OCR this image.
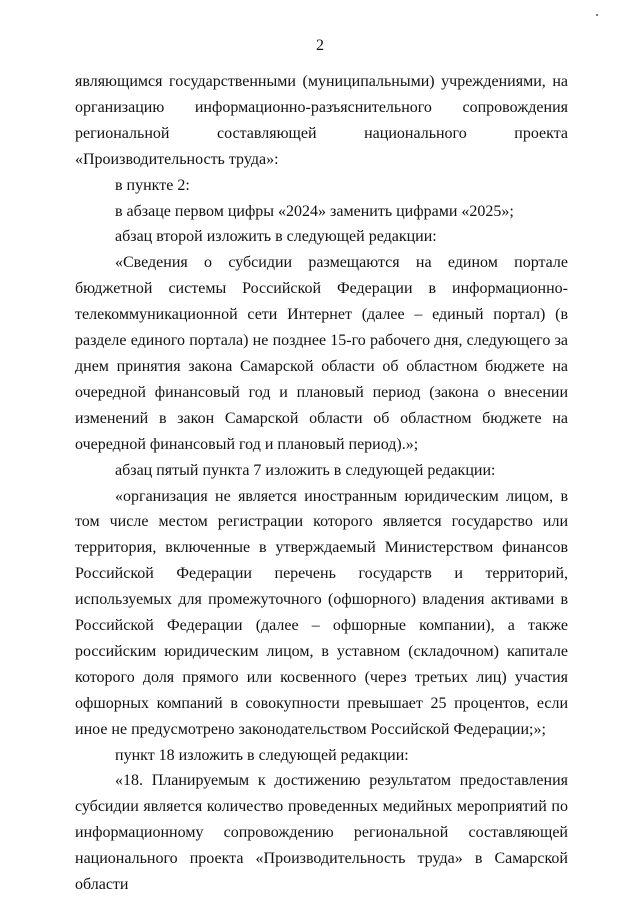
2

являющимся государственными (муниципальными) учреждениями, на организацию информационно-разъяснительного сопровождения региональной составляющей национального проекта «Производительность труда»:

в пункте 2:

в абзаце первом цифры «2024» заменить цифрами «2025»;

абзац второй изложить в следующей редакции:

«Сведения о субсидии размещаются на едином портале бюджетной системы Российской Федерации в информационно-телекоммуникационной сети Интернет (далее – единый портал) (в разделе единого портала) не позднее 15-го рабочего дня, следующего за днем принятия закона Самарской области об областном бюджете на очередной финансовый год и плановый период (закона о внесении изменений в закон Самарской области об областном бюджете на очередной финансовый год и плановый период).»;

абзац пятый пункта 7 изложить в следующей редакции:

«организация не является иностранным юридическим лицом, в том числе местом регистрации которого является государство или территория, включенные в утверждаемый Министерством финансов Российской Федерации перечень государств и территорий, используемых для промежуточного (офшорного) владения активами в Российской Федерации (далее – офшорные компании), а также российским юридическим лицом, в уставном (складочном) капитале которого доля прямого или косвенного (через третьих лиц) участия офшорных компаний в совокупности превышает 25 процентов, если иное не предусмотрено законодательством Российской Федерации;»;

пункт 18 изложить в следующей редакции:

«18. Планируемым к достижению результатом предоставления субсидии является количество проведенных медийных мероприятий по информационному сопровождению региональной составляющей национального проекта «Производительность труда» в Самарской области
